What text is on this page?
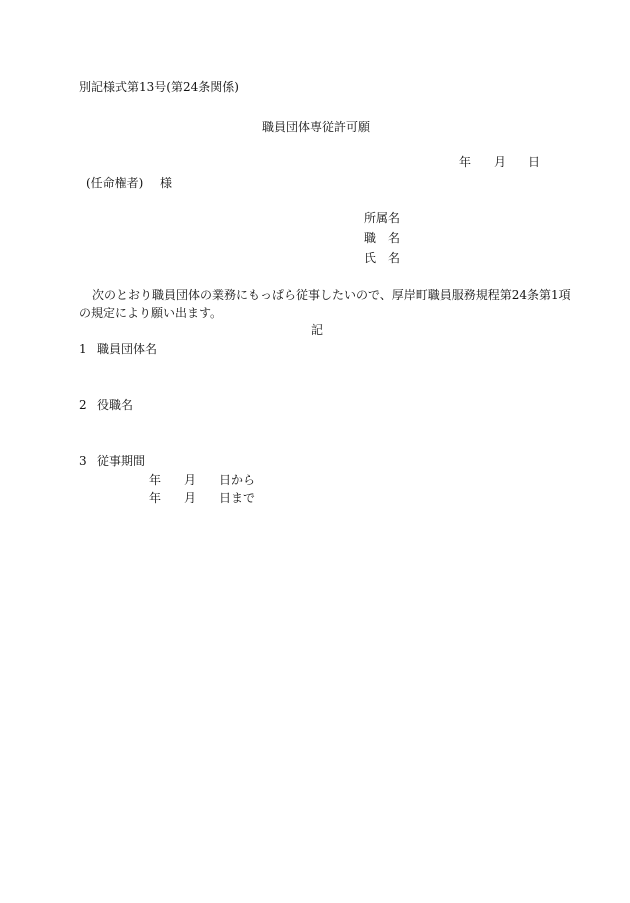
別記様式第13号(第24条関係)
職員団体専従許可願
年 月 日
(任命権者) 様
所属名
職 名
氏 名
次のとおり職員団体の業務にもっぱら従事したいので、厚岸町職員服務規程第24条第1項
の規定により願い出ます。
記
1 職員団体名
2 役職名
3 従事期間
年 月 日から
年 月 日まで
